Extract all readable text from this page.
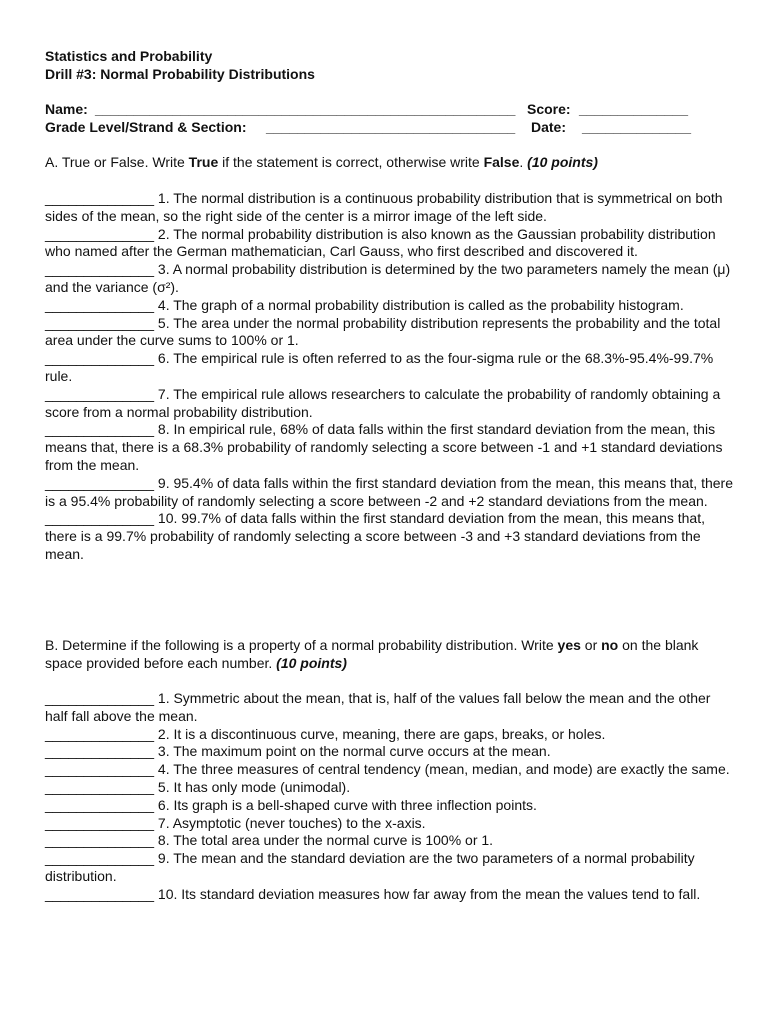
Statistics and Probability
Drill #3: Normal Probability Distributions
Name: ______________________________________________________ Score: ______________
Grade Level/Strand & Section: ________________________________ Date: ______________
A. True or False. Write True if the statement is correct, otherwise write False. (10 points)

______________ 1. The normal distribution is a continuous probability distribution that is symmetrical on both sides of the mean, so the right side of the center is a mirror image of the left side.

______________ 2. The normal probability distribution is also known as the Gaussian probability distribution who named after the German mathematician, Carl Gauss, who first described and discovered it.

______________ 3. A normal probability distribution is determined by the two parameters namely the mean (μ) and the variance (σ²).

______________ 4. The graph of a normal probability distribution is called as the probability histogram.

______________ 5. The area under the normal probability distribution represents the probability and the total area under the curve sums to 100% or 1.

______________ 6. The empirical rule is often referred to as the four-sigma rule or the 68.3%-95.4%-99.7% rule.

______________ 7. The empirical rule allows researchers to calculate the probability of randomly obtaining a score from a normal probability distribution.

______________ 8. In empirical rule, 68% of data falls within the first standard deviation from the mean, this means that, there is a 68.3% probability of randomly selecting a score between -1 and +1 standard deviations from the mean.

______________ 9. 95.4% of data falls within the first standard deviation from the mean, this means that, there is a 95.4% probability of randomly selecting a score between -2 and +2 standard deviations from the mean.

______________ 10. 99.7% of data falls within the first standard deviation from the mean, this means that, there is a 99.7% probability of randomly selecting a score between -3 and +3 standard deviations from the mean.

B. Determine if the following is a property of a normal probability distribution. Write yes or no on the blank space provided before each number. (10 points)

______________ 1. Symmetric about the mean, that is, half of the values fall below the mean and the other half fall above the mean.

______________ 2. It is a discontinuous curve, meaning, there are gaps, breaks, or holes.

______________ 3. The maximum point on the normal curve occurs at the mean.

______________ 4. The three measures of central tendency (mean, median, and mode) are exactly the same.

______________ 5. It has only mode (unimodal).

______________ 6. Its graph is a bell-shaped curve with three inflection points.

______________ 7. Asymptotic (never touches) to the x-axis.

______________ 8. The total area under the normal curve is 100% or 1.

______________ 9. The mean and the standard deviation are the two parameters of a normal probability distribution.

______________ 10. Its standard deviation measures how far away from the mean the values tend to fall.
